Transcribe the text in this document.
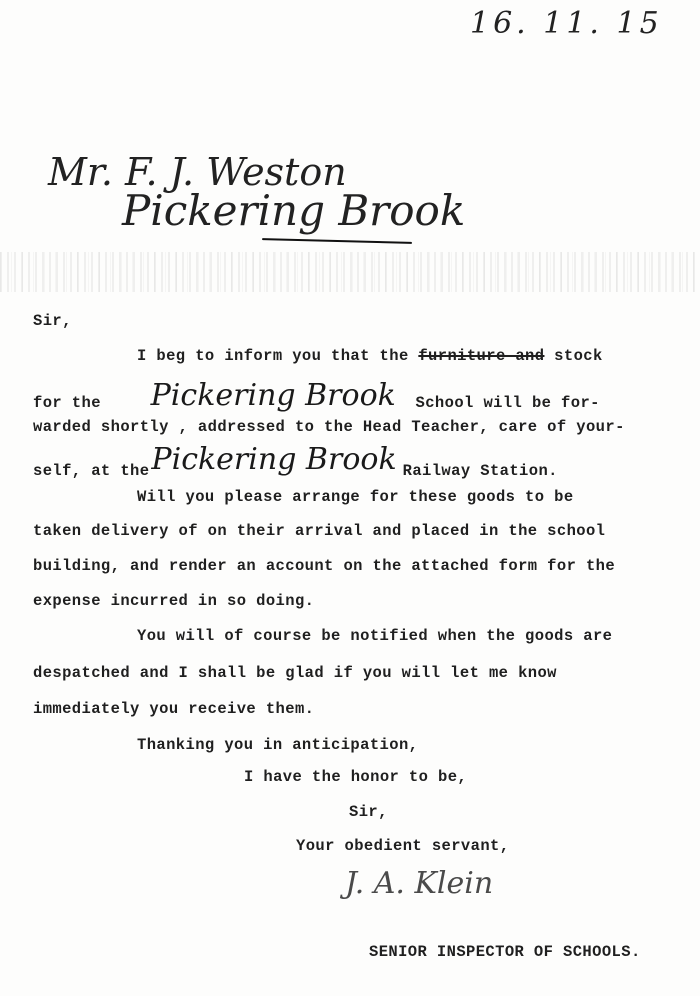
16. 11. 15
Mr. F. J. Weston
Pickering Brook
Sir,
I beg to inform you that the furniture and stock
for the Pickering Brook School will be for-
warded shortly , addressed to the Head Teacher, care of your-
self, at thePickering Brook Railway Station.
Will you please arrange for these goods to be
taken delivery of on their arrival and placed in the school
building, and render an account on the attached form for the
expense incurred in so doing.
You will of course be notified when the goods are
despatched and I shall be glad if you will let me know
immediately you receive them.
Thanking you in anticipation,
I have the honor to be,
Sir,
Your obedient servant,
J. A. Klein
SENIOR INSPECTOR OF SCHOOLS.
